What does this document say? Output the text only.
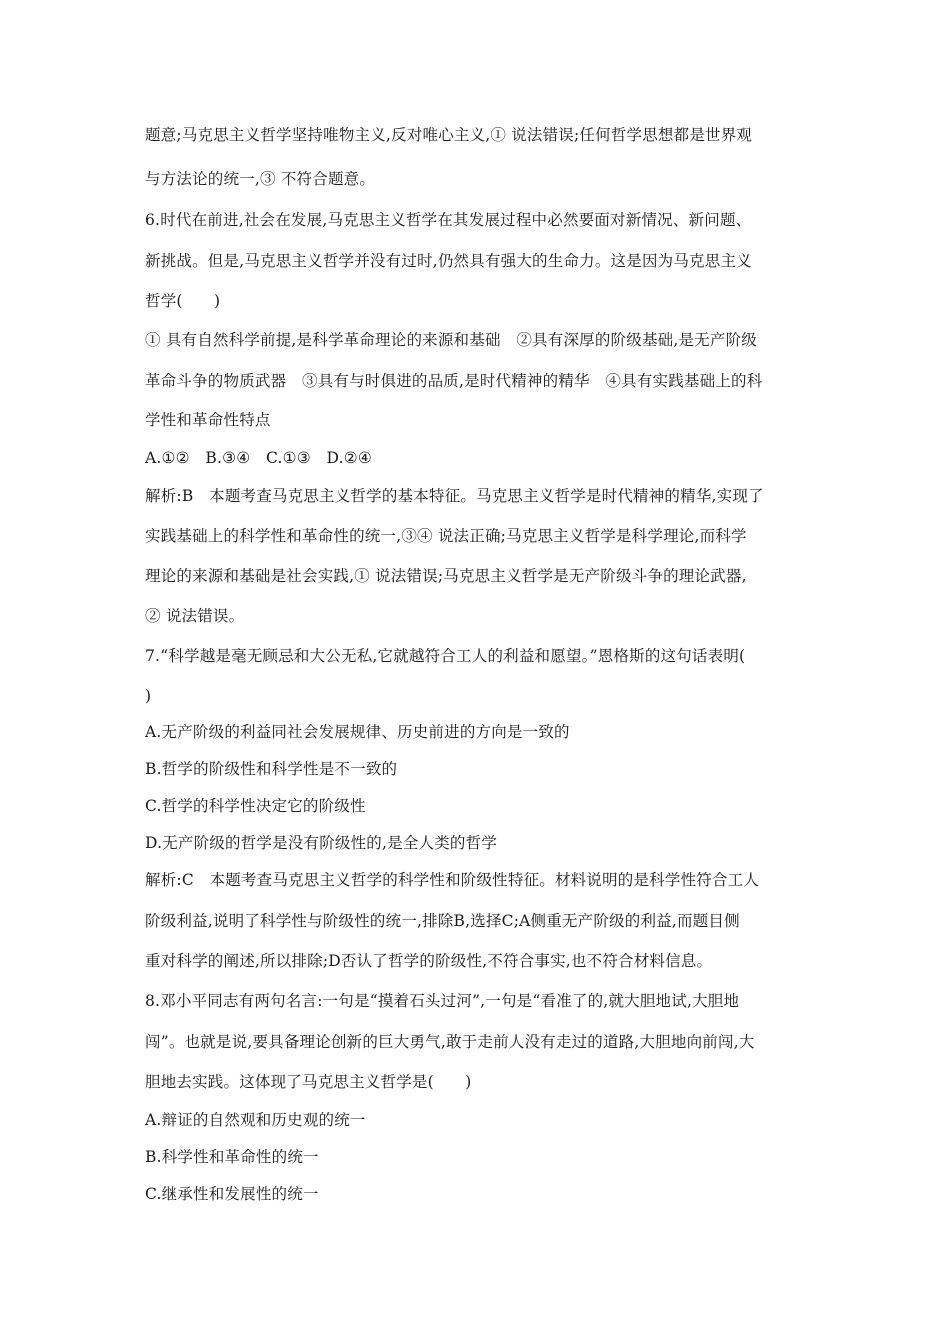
题意;马克思主义哲学坚持唯物主义,反对唯心主义,① 说法错误;任何哲学思想都是世界观
与方法论的统一,③ 不符合题意。
6.时代在前进,社会在发展,马克思主义哲学在其发展过程中必然要面对新情况、新问题、
新挑战。但是,马克思主义哲学并没有过时,仍然具有强大的生命力。这是因为马克思主义
哲学(　　)
① 具有自然科学前提,是科学革命理论的来源和基础　②具有深厚的阶级基础,是无产阶级
革命斗争的物质武器　③具有与时俱进的品质,是时代精神的精华　④具有实践基础上的科
学性和革命性特点
A.①②　B.③④　C.①③　D.②④
解析:B　本题考查马克思主义哲学的基本特征。马克思主义哲学是时代精神的精华,实现了
实践基础上的科学性和革命性的统一,③④ 说法正确;马克思主义哲学是科学理论,而科学
理论的来源和基础是社会实践,① 说法错误;马克思主义哲学是无产阶级斗争的理论武器,
② 说法错误。
7.“科学越是毫无顾忌和大公无私,它就越符合工人的利益和愿望。”恩格斯的这句话表明(
)
A.无产阶级的利益同社会发展规律、历史前进的方向是一致的
B.哲学的阶级性和科学性是不一致的
C.哲学的科学性决定它的阶级性
D.无产阶级的哲学是没有阶级性的,是全人类的哲学
解析:C　本题考查马克思主义哲学的科学性和阶级性特征。材料说明的是科学性符合工人
阶级利益,说明了科学性与阶级性的统一,排除B,选择C;A侧重无产阶级的利益,而题目侧
重对科学的阐述,所以排除;D否认了哲学的阶级性,不符合事实,也不符合材料信息。
8.邓小平同志有两句名言:一句是“摸着石头过河”,一句是“看准了的,就大胆地试,大胆地
闯”。也就是说,要具备理论创新的巨大勇气,敢于走前人没有走过的道路,大胆地向前闯,大
胆地去实践。这体现了马克思主义哲学是(　　)
A.辩证的自然观和历史观的统一
B.科学性和革命性的统一
C.继承性和发展性的统一
